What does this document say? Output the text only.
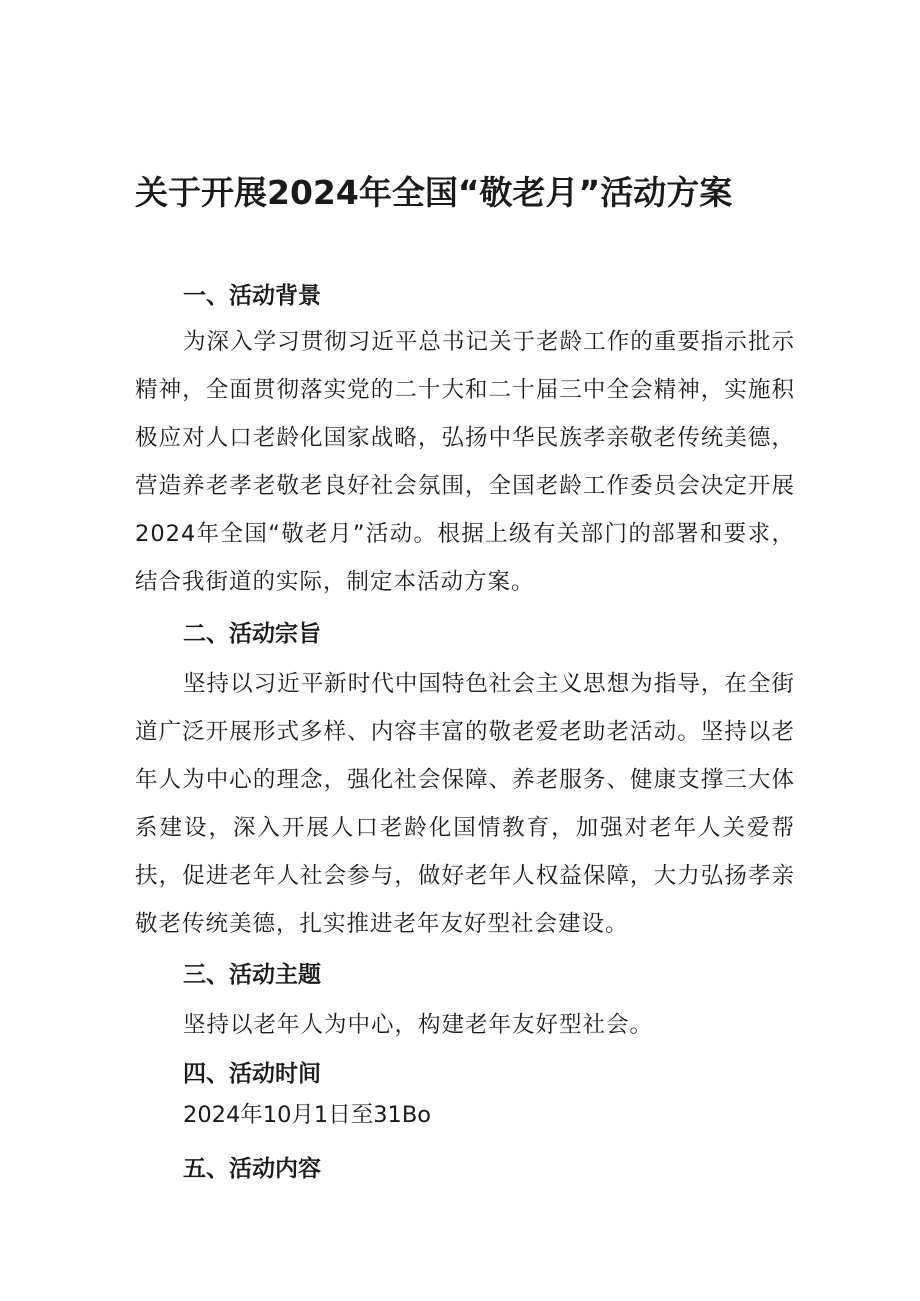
关于开展2024年全国“敬老月”活动方案
一、活动背景
为深入学习贯彻习近平总书记关于老龄工作的重要指示批示精神，全面贯彻落实党的二十大和二十届三中全会精神，实施积极应对人口老龄化国家战略，弘扬中华民族孝亲敬老传统美德，营造养老孝老敬老良好社会氛围，全国老龄工作委员会决定开展2024年全国“敬老月”活动。根据上级有关部门的部署和要求，结合我街道的实际，制定本活动方案。
二、活动宗旨
坚持以习近平新时代中国特色社会主义思想为指导，在全街道广泛开展形式多样、内容丰富的敬老爱老助老活动。坚持以老年人为中心的理念，强化社会保障、养老服务、健康支撑三大体系建设，深入开展人口老龄化国情教育，加强对老年人关爱帮扶，促进老年人社会参与，做好老年人权益保障，大力弘扬孝亲敬老传统美德，扎实推进老年友好型社会建设。
三、活动主题
坚持以老年人为中心，构建老年友好型社会。
四、活动时间
2024年10月1日至31Bo
五、活动内容
